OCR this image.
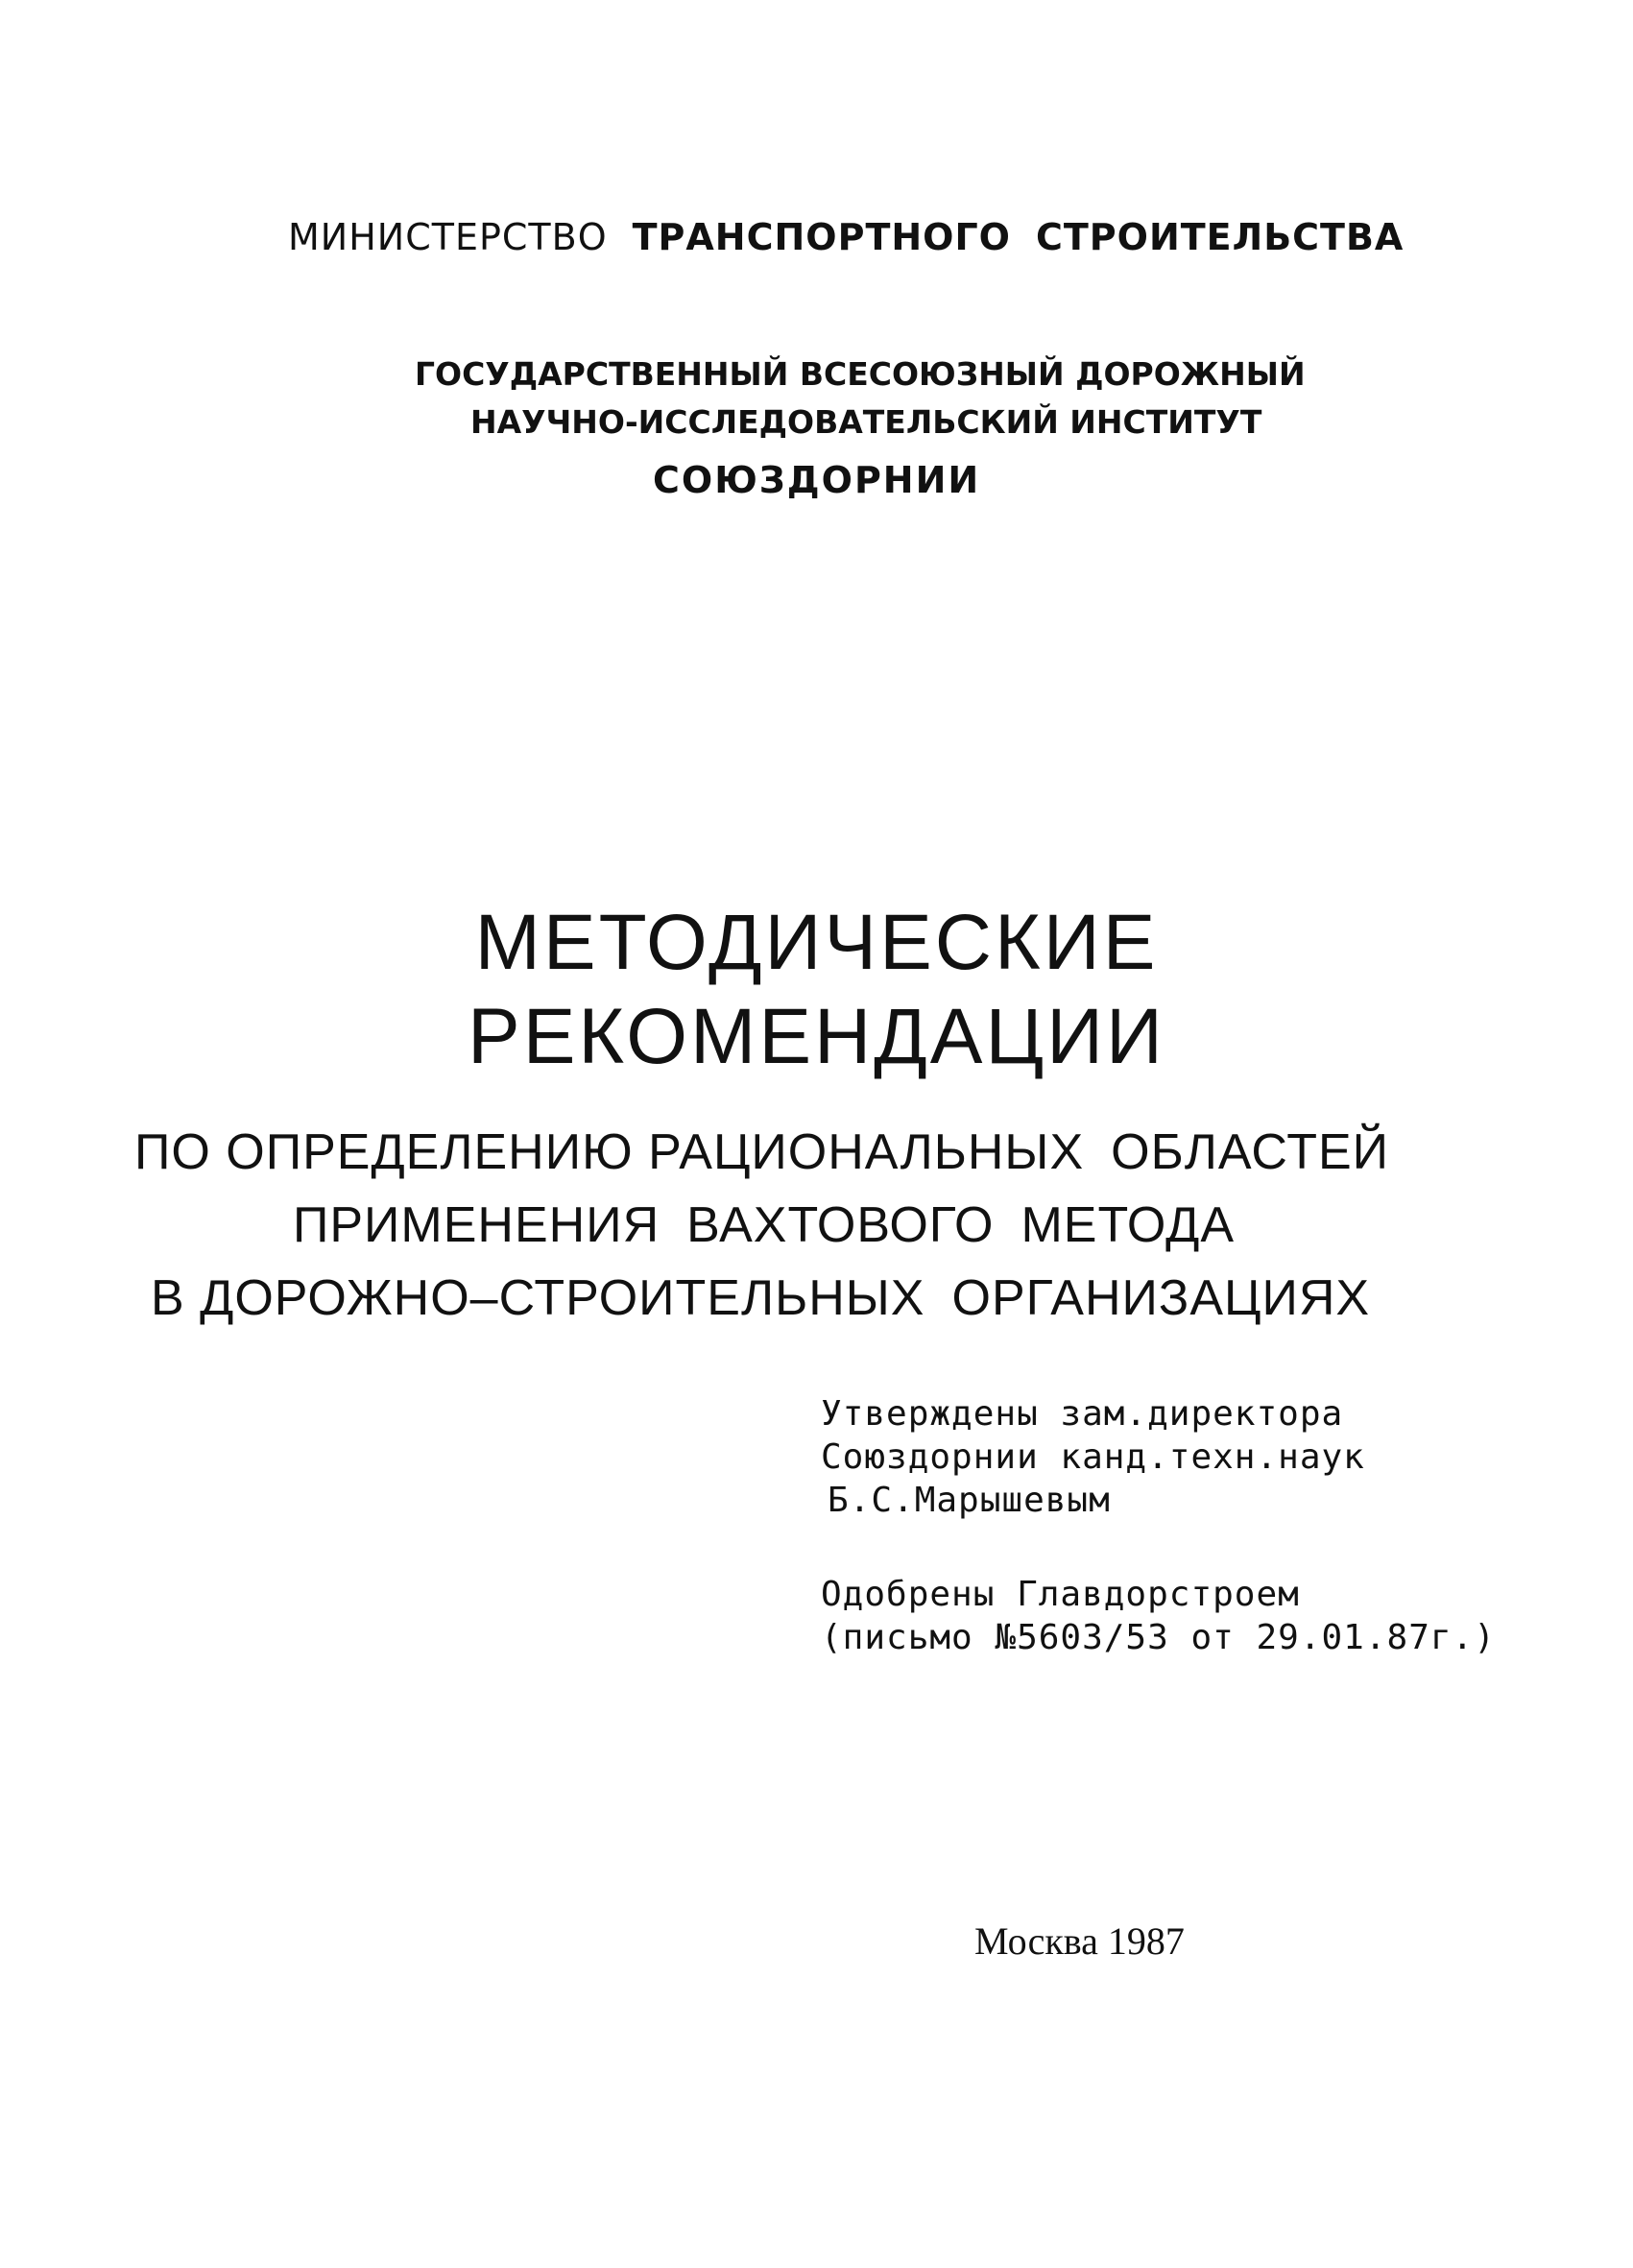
МИНИСТЕРСТВО ТРАНСПОРТНОГО СТРОИТЕЛЬСТВА
ГОСУДАРСТВЕННЫЙ ВСЕСОЮЗНЫЙ ДОРОЖНЫЙ
НАУЧНО-ИССЛЕДОВАТЕЛЬСКИЙ ИНСТИТУТ
СОЮЗДОРНИИ
МЕТОДИЧЕСКИЕ
РЕКОМЕНДАЦИИ
ПО ОПРЕДЕЛЕНИЮ РАЦИОНАЛЬНЫХ ОБЛАСТЕЙ
ПРИМЕНЕНИЯ ВАХТОВОГО МЕТОДА
В ДОРОЖНО–СТРОИТЕЛЬНЫХ ОРГАНИЗАЦИЯХ
Утверждены зам.директора
Союздорнии канд.техн.наук
Б.С.Марышевым
Одобрены Главдорстроем
(письмо №5603/53 от 29.01.87г.)
Москва 1987
